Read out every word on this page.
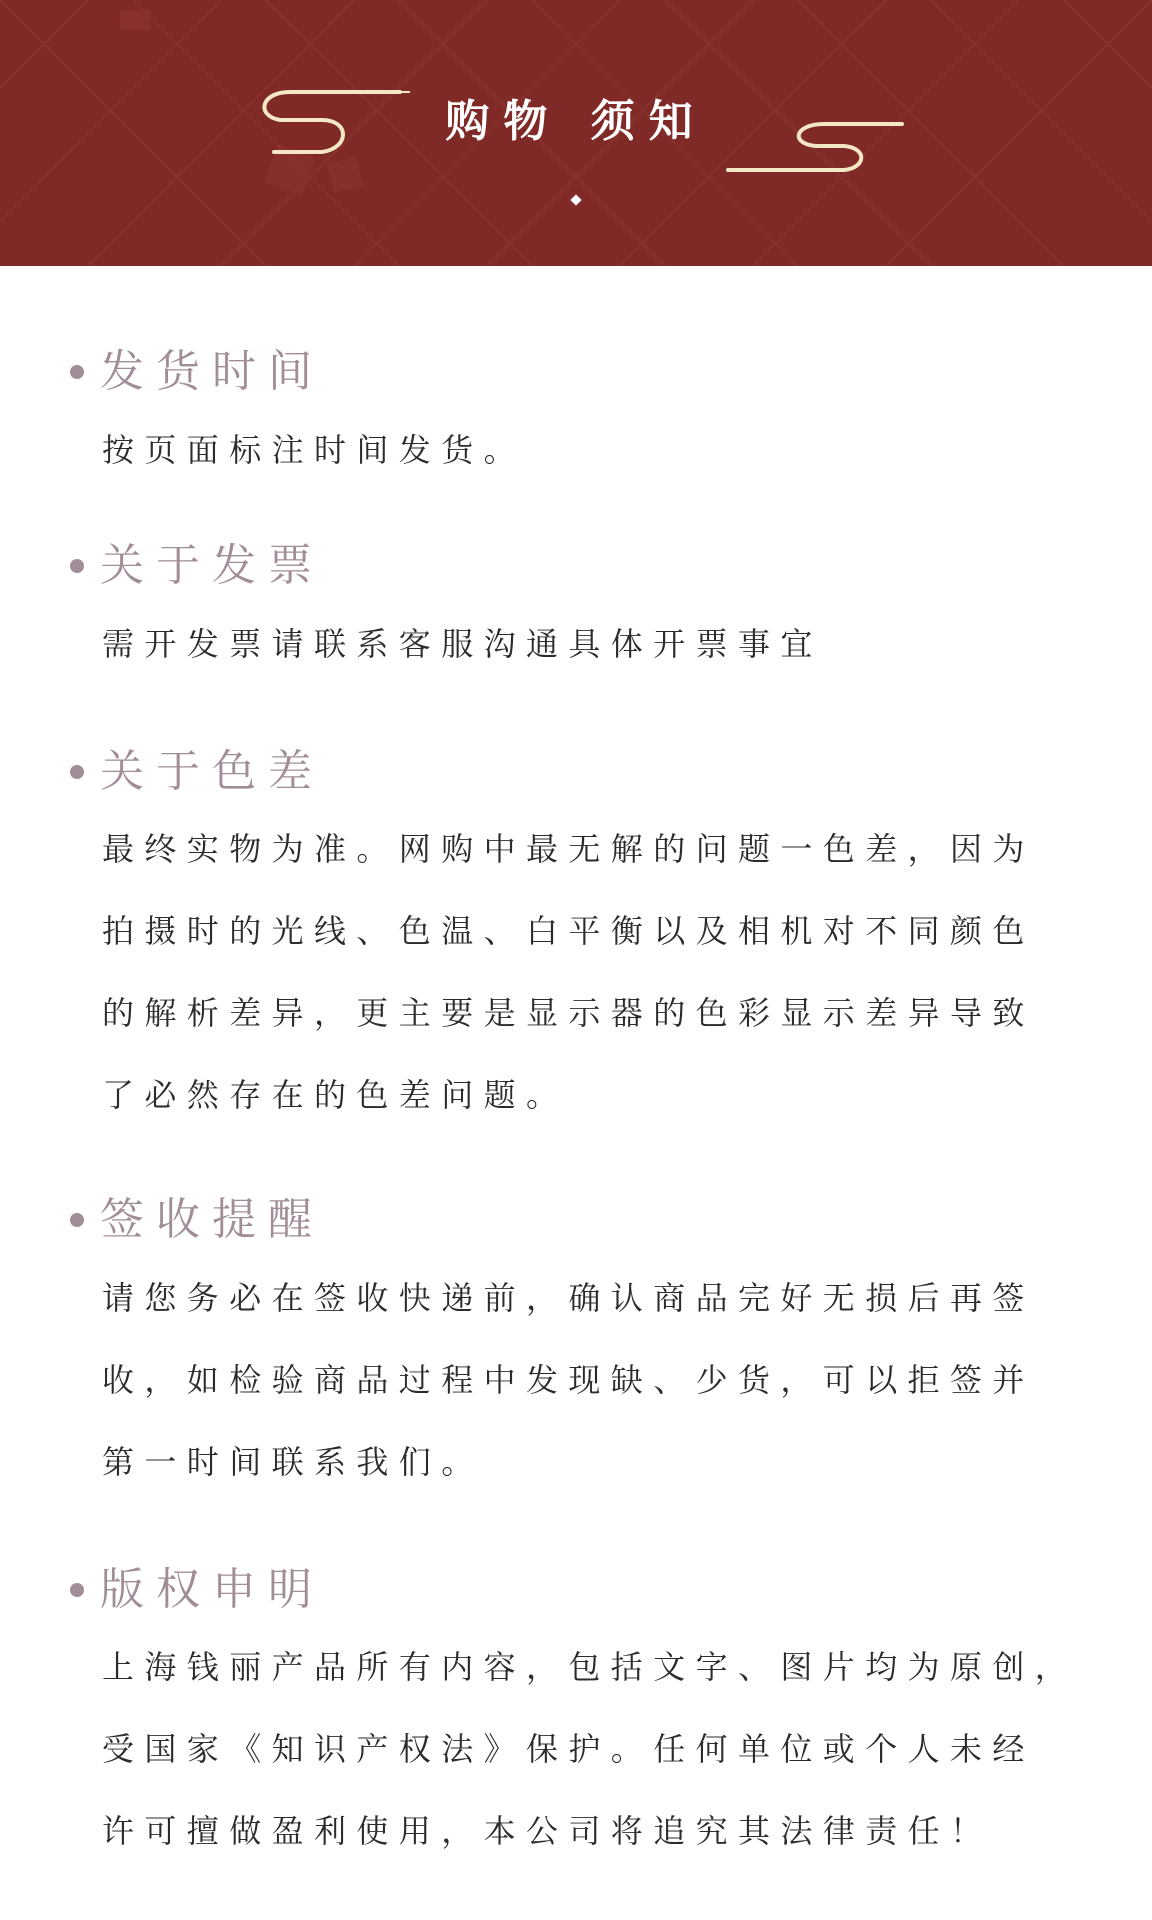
购物 须知
发货时间
按页面标注时间发货。
关于发票
需开发票请联系客服沟通具体开票事宜
关于色差
最终实物为准。网购中最无解的问题一色差，因为
拍摄时的光线、色温、白平衡以及相机对不同颜色
的解析差异，更主要是显示器的色彩显示差异导致
了必然存在的色差问题。
签收提醒
请您务必在签收快递前，确认商品完好无损后再签
收，如检验商品过程中发现缺、少货，可以拒签并
第一时间联系我们。
版权申明
上海钱丽产品所有内容，包括文字、图片均为原创，
受国家《知识产权法》保护。任何单位或个人未经
许可擅做盈利使用，本公司将追究其法律责任！
